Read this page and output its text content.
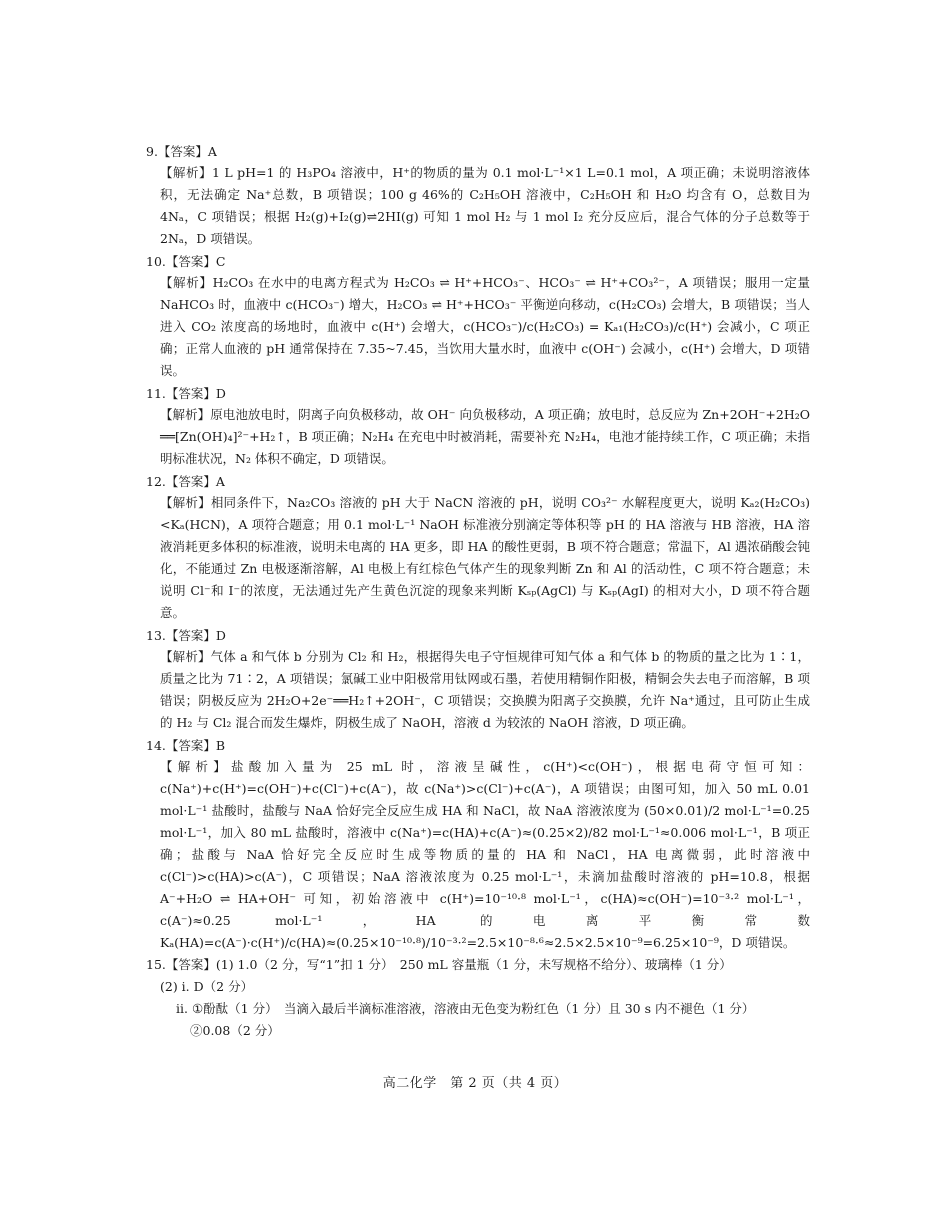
9.【答案】A

【解析】1 L pH=1 的 H₃PO₄ 溶液中，H⁺的物质的量为 0.1 mol·L⁻¹×1 L=0.1 mol，A 项正确；未说明溶液体积，无法确定 Na⁺总数，B 项错误；100 g 46%的 C₂H₅OH 溶液中，C₂H₅OH 和 H₂O 均含有 O，总数目为 4Nₐ，C 项错误；根据 H₂(g)+I₂(g)⇌2HI(g) 可知 1 mol H₂ 与 1 mol I₂ 充分反应后，混合气体的分子总数等于 2Nₐ，D 项错误。

10.【答案】C

【解析】H₂CO₃ 在水中的电离方程式为 H₂CO₃ ⇌ H⁺+HCO₃⁻、HCO₃⁻ ⇌ H⁺+CO₃²⁻，A 项错误；服用一定量 NaHCO₃ 时，血液中 c(HCO₃⁻) 增大，H₂CO₃ ⇌ H⁺+HCO₃⁻ 平衡逆向移动，c(H₂CO₃) 会增大，B 项错误；当人进入 CO₂ 浓度高的场地时，血液中 c(H⁺) 会增大，c(HCO₃⁻)/c(H₂CO₃) = Kₐ₁(H₂CO₃)/c(H⁺) 会减小，C 项正确；正常人血液的 pH 通常保持在 7.35~7.45，当饮用大量水时，血液中 c(OH⁻) 会减小，c(H⁺) 会增大，D 项错误。

11.【答案】D

【解析】原电池放电时，阴离子向负极移动，故 OH⁻ 向负极移动，A 项正确；放电时，总反应为 Zn+2OH⁻+2H₂O ══[Zn(OH)₄]²⁻+H₂↑，B 项正确；N₂H₄ 在充电中时被消耗，需要补充 N₂H₄，电池才能持续工作，C 项正确；未指明标准状况，N₂ 体积不确定，D 项错误。

12.【答案】A

【解析】相同条件下，Na₂CO₃ 溶液的 pH 大于 NaCN 溶液的 pH，说明 CO₃²⁻ 水解程度更大，说明 Kₐ₂(H₂CO₃)<Kₐ(HCN)，A 项符合题意；用 0.1 mol·L⁻¹ NaOH 标准液分别滴定等体积等 pH 的 HA 溶液与 HB 溶液，HA 溶液消耗更多体积的标准液，说明未电离的 HA 更多，即 HA 的酸性更弱，B 项不符合题意；常温下，Al 遇浓硝酸会钝化，不能通过 Zn 电极逐渐溶解，Al 电极上有红棕色气体产生的现象判断 Zn 和 Al 的活动性，C 项不符合题意；未说明 Cl⁻和 I⁻的浓度，无法通过先产生黄色沉淀的现象来判断 Kₛₚ(AgCl) 与 Kₛₚ(AgI) 的相对大小，D 项不符合题意。

13.【答案】D

【解析】气体 a 和气体 b 分别为 Cl₂ 和 H₂，根据得失电子守恒规律可知气体 a 和气体 b 的物质的量之比为 1∶1，质量之比为 71∶2，A 项错误；氯碱工业中阳极常用钛网或石墨，若使用精铜作阳极，精铜会失去电子而溶解，B 项错误；阴极反应为 2H₂O+2e⁻══H₂↑+2OH⁻，C 项错误；交换膜为阳离子交换膜，允许 Na⁺通过，且可防止生成的 H₂ 与 Cl₂ 混合而发生爆炸，阴极生成了 NaOH，溶液 d 为较浓的 NaOH 溶液，D 项正确。

14.【答案】B

【解析】盐酸加入量为 25 mL 时，溶液呈碱性，c(H⁺)<c(OH⁻)，根据电荷守恒可知：c(Na⁺)+c(H⁺)=c(OH⁻)+c(Cl⁻)+c(A⁻)，故 c(Na⁺)>c(Cl⁻)+c(A⁻)，A 项错误；由图可知，加入 50 mL 0.01 mol·L⁻¹ 盐酸时，盐酸与 NaA 恰好完全反应生成 HA 和 NaCl，故 NaA 溶液浓度为 (50×0.01)/2 mol·L⁻¹=0.25 mol·L⁻¹，加入 80 mL 盐酸时，溶液中 c(Na⁺)=c(HA)+c(A⁻)≈(0.25×2)/82 mol·L⁻¹≈0.006 mol·L⁻¹，B 项正确；盐酸与 NaA 恰好完全反应时生成等物质的量的 HA 和 NaCl，HA 电离微弱，此时溶液中 c(Cl⁻)>c(HA)>c(A⁻)，C 项错误；NaA 溶液浓度为 0.25 mol·L⁻¹，未滴加盐酸时溶液的 pH=10.8，根据 A⁻+H₂O ⇌ HA+OH⁻ 可知，初始溶液中 c(H⁺)=10⁻¹⁰·⁸ mol·L⁻¹，c(HA)≈c(OH⁻)=10⁻³·² mol·L⁻¹，c(A⁻)≈0.25 mol·L⁻¹，HA 的电离平衡常数 Kₐ(HA)=c(A⁻)·c(H⁺)/c(HA)≈(0.25×10⁻¹⁰·⁸)/10⁻³·²=2.5×10⁻⁸·⁶≈2.5×2.5×10⁻⁹=6.25×10⁻⁹，D 项错误。

15.【答案】(1) 1.0（2 分，写“1”扣 1 分）　250 mL 容量瓶（1 分，未写规格不给分）、玻璃棒（1 分）
(2) i. D（2 分）
ii. ①酚酞（1 分）　当滴入最后半滴标准溶液，溶液由无色变为粉红色（1 分）且 30 s 内不褪色（1 分）
②0.08（2 分）
高二化学　第 2 页（共 4 页）
